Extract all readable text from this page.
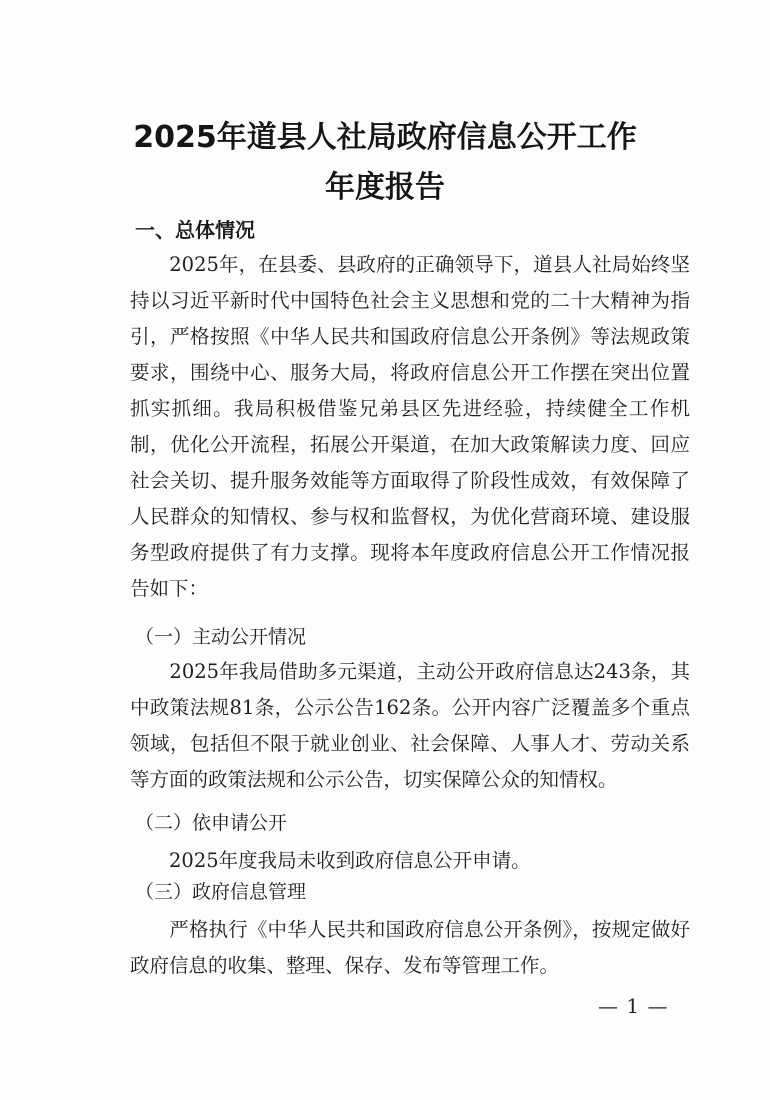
2025年道县人社局政府信息公开工作
年度报告
一、总体情况

　　2025年，在县委、县政府的正确领导下，道县人社局始终坚持以习近平新时代中国特色社会主义思想和党的二十大精神为指引，严格按照《中华人民共和国政府信息公开条例》等法规政策要求，围绕中心、服务大局，将政府信息公开工作摆在突出位置抓实抓细。我局积极借鉴兄弟县区先进经验，持续健全工作机制，优化公开流程，拓展公开渠道，在加大政策解读力度、回应社会关切、提升服务效能等方面取得了阶段性成效，有效保障了人民群众的知情权、参与权和监督权，为优化营商环境、建设服务型政府提供了有力支撑。现将本年度政府信息公开工作情况报告如下：

（一）主动公开情况

　　2025年我局借助多元渠道，主动公开政府信息达243条，其中政策法规81条，公示公告162条。公开内容广泛覆盖多个重点领域，包括但不限于就业创业、社会保障、人事人才、劳动关系等方面的政策法规和公示公告，切实保障公众的知情权。

（二）依申请公开

　　2025年度我局未收到政府信息公开申请。

（三）政府信息管理

　　严格执行《中华人民共和国政府信息公开条例》，按规定做好政府信息的收集、整理、保存、发布等管理工作。

— 1 —
